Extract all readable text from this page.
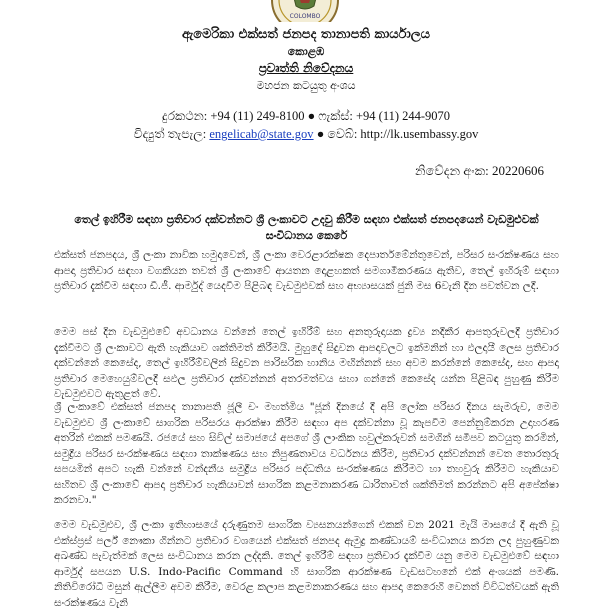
COLOMBO
ඇමෙරිකා එක්සත් ජනපද තානාපති කාර්යාලය
කොළඹ
ප්‍රවෘත්ති නිවේදනය
මහජන කටයුතු අංශය
දුරකථන: +94 (11) 249-8100 ● ෆැක්ස්: +94 (11) 244-9070
විද්‍යුත් තැපැල: engelicab@state.gov ● වෙබ්: http://lk.usembassy.gov
නිවේදන අංක: 20220606
තෙල් ඉහිරීම සඳහා ප්‍රතිචාර දක්වන්නට ශ්‍රී ලංකාවට උදවු කිරීම සඳහා එක්සත් ජනපදයෙන් වැඩමුළුවක් සංවිධානය කෙරේ
එක්සත් ජනපදය, ශ්‍රී ලංකා නාවික හමුදාවෙන්, ශ්‍රී ලංකා වෙරළාරක්ෂක දෙපාර්තමේන්තුවෙන්, පරිසර සංරක්ෂණය සහ ආපදා ප්‍රතිචාර සඳහා වගකියන තවත් ශ්‍රී ලංකාවේ ආයතන දොළහකත් සමගාමීකරණය ඇතිව, තෙල් ඉහිරුම් සඳහා ප්‍රතිචාර දැක්වීම සඳහා ඩී.ජී. ආර්මුද් යෙදවීම පිළිබඳ වැඩමුළුවක් සහ අභ්‍යාසයක් ජුනි මස 6වැනි දින පවත්වන ලදී.
මෙම පස් දින වැඩමුළුවේ අවධානය වන්නේ තෙල් ඉහිරීම් සහ අනතුරුදායක ද්‍රව්‍ය නදීකීර ආපතුරුවලදී ප්‍රතිචාර දැක්වීමට ශ්‍රී ලංකාවට ඇති හැකියාව ශක්තිමත් කිරීමයි. මුහුදේ සිදුවන ආපදාවලට ඉක්මනින් හා ඵලදායී ලෙස ප්‍රතිචාර දක්වන්නේ කෙසේද, තෙල් ඉහිරීම්වලින් සිදුවන පාරිසරික හානිය මඟින්නන් සහ අවම කරන්නේ කෙසේද, සහ ආපදා ප්‍රතිචාර මෙහෙයුම්වලදී සඵල ප්‍රතිචාර දක්වන්නන් අතරමත්වය සහා ගන්නේ කෙසේද යන්න පිළිබඳ පුහුණු කිරීම වැඩමුළුවට ඇතුළත් වේ.
ශ්‍රී ලංකාවේ එක්සත් ජනපද තානාපති ජූලී චං මහත්මිය "ජූන් දිනයේ දී අපි ලෝක පරිසර දිනය සැමරුව, මෙම වැඩමුළුව ශ්‍රී ලංකාවේ සාගරික පරිසරය ආරක්ෂා කිරීම සඳහා අප දක්වන්නා වූ කැපවීම පෙන්නුම්කරන උදාහරණ අතරින් එකක් පමණයි. රජයේ සහ සිවිල් සමාජයේ අපගේ ශ්‍රී ලාංකික හවුල්කරුවන් සමගින් සමීපව කටයුතු කරමින්, සමුද්‍රීය පරිසර සංරක්ෂණය සඳහා තාක්ෂණය සහ නිපුණතාවය වර්ධනය කිරීම, ප්‍රතිචාර දක්වන්නන් වෙත තොරතුරු සපයමින් අපට හැකි වන්නේ වන්දනීය සමුද්‍රීය පරිසර පද්ධතිය සංරක්ෂණය කිරීමට හා තහවුරු කිරීමට හැකියාව සහිතව ශ්‍රී ලංකාවේ ආපදා ප්‍රතිචාර හැකියාවන් සාගරික කළමනාකරණ ධාරිතාවත් ශක්තිමත් කරන්නට අපි අපේක්ෂා කරනවා."
මෙම වැඩමුළුව, ශ්‍රී ලංකා ඉතිහාසයේ දරුණුතම සාගරික ව්‍යසනයන්ගෙන් එකක් වන 2021 මැයි මාසයේ දී ඇති වූ එක්ස්ප්‍රස් පර්ල් නෞකා ගින්නට ප්‍රතිචාර වශයෙන් එක්සත් ජනපද ඇමුද්‍ර කණ්ඩායම් සංවිධානය කරන ලද පුහුණුවක අඛණ්ඩ පැවැත්මක් ලෙස සංවිධානය කරන ලද්දකි. තෙල් ඉහිරීම් සඳහා ප්‍රතිචාර දැක්වීම යනු මෙම වැඩමුළුවේ සඳහා ආර්මුද් සපයන U.S. Indo-Pacific Command හි සාගරික ආරක්ෂණ වැඩසටහනේ එක් අංශයක් පමණි. නිතිවිරෝධී මසුන් ඇල්ලීම අවම කිරීම, වෙරළ කලාප කළමනාකරණය සහ ආපදා කෙරෙහි වෙනත් විවිධත්වයක් ඇති සංරක්ෂණය වැනි
